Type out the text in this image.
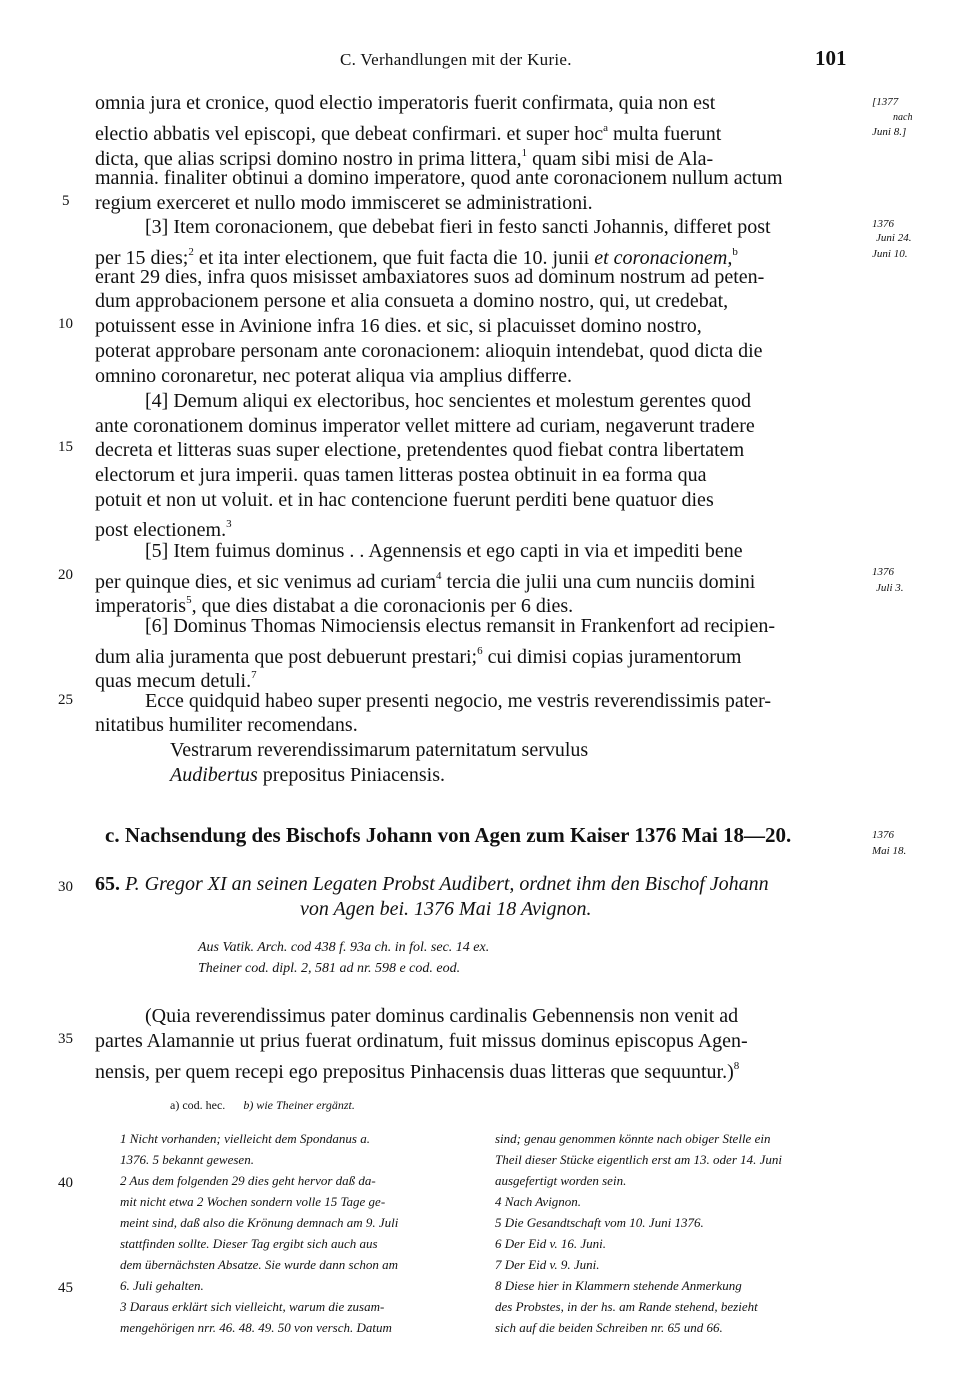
C. Verhandlungen mit der Kurie.	101
[1377
nach
Juni 8.]
1376
Juni 24.
Juni 10.
1376
Juli 3.
1376
Mai 18.
5
10
15
20
25
30
35
40
45
omnia jura et cronice, quod electio imperatoris fuerit confirmata, quia non est
electio abbatis vel episcopi, que debeat confirmari. et super hoc$^a$ multa fuerunt
dicta, que alias scripsi domino nostro in prima littera,$^1$ quam sibi misi de Ala-
mannia. finaliter obtinui a domino imperatore, quod ante coronacionem nullum actum
regium exerceret et nullo modo immisceret se administrationi.
[3] Item coronacionem, que debebat fieri in festo sancti Johannis, differet post
per 15 dies;$^2$ et ita inter electionem, que fuit facta die 10. junii et coronacionem,$^b$
erant 29 dies, infra quos misisset ambaxiatores suos ad dominum nostrum ad peten-
dum approbacionem persone et alia consueta a domino nostro, qui, ut credebat,
potuissent esse in Avinione infra 16 dies. et sic, si placuisset domino nostro,
poterat approbare personam ante coronacionem: alioquin intendebat, quod dicta die
omnino coronaretur, nec poterat aliqua via amplius differre.
[4] Demum aliqui ex electoribus, hoc sencientes et molestum gerentes quod
ante coronationem dominus imperator vellet mittere ad curiam, negaverunt tradere
decreta et litteras suas super electione, pretendentes quod fiebat contra libertatem
electorum et jura imperii. quas tamen litteras postea obtinuit in ea forma qua
potuit et non ut voluit. et in hac contencione fuerunt perditi bene quatuor dies
post electionem.$^3$
[5] Item fuimus dominus . . Agennensis et ego capti in via et impediti bene
per quinque dies, et sic venimus ad curiam$^4$ tercia die julii una cum nunciis domini
imperatoris$^5$, que dies distabat a die coronacionis per 6 dies.
[6] Dominus Thomas Nimociensis electus remansit in Frankenfort ad recipien-
dum alia juramenta que post debuerunt prestari;$^6$ cui dimisi copias juramentorum
quas mecum detuli.$^7$
Ecce quidquid habeo super presenti negocio, me vestris reverendissimis pater-
nitatibus humiliter recomendans.
Vestrarum reverendissimarum paternitatum servulus
Audibertus prepositus Piniacensis.
c. Nachsendung des Bischofs Johann von Agen zum Kaiser 1376 Mai 18—20.
65. P. Gregor XI an seinen Legaten Probst Audibert, ordnet ihm den Bischof Johann
von Agen bei. 1376 Mai 18 Avignon.
Aus Vatik. Arch. cod 438 f. 93a ch. in fol. sec. 14 ex.
Theiner cod. dipl. 2, 581 ad nr. 598 e cod. eod.
(Quia reverendissimus pater dominus cardinalis Gebennensis non venit ad
partes Alamannie ut prius fuerat ordinatum, fuit missus dominus episcopus Agen-
nensis, per quem recepi ego prepositus Pinhacensis duas litteras que sequuntur.)$^8$
a) cod. hec. b) wie Theiner ergänzt.
1 Nicht vorhanden; vielleicht dem Spondanus a.
1376. 5 bekannt gewesen.
2 Aus dem folgenden 29 dies geht hervor daß da-
mit nicht etwa 2 Wochen sondern volle 15 Tage ge-
meint sind, daß also die Krönung demnach am 9. Juli
stattfinden sollte. Dieser Tag ergibt sich auch aus
dem übernächsten Absatze. Sie wurde dann schon am
6. Juli gehalten.
3 Daraus erklärt sich vielleicht, warum die zusam-
mengehörigen nrr. 46. 48. 49. 50 von versch. Datum
sind; genau genommen könnte nach obiger Stelle ein
Theil dieser Stücke eigentlich erst am 13. oder 14. Juni
ausgefertigt worden sein.
4 Nach Avignon.
5 Die Gesandtschaft vom 10. Juni 1376.
6 Der Eid v. 16. Juni.
7 Der Eid v. 9. Juni.
8 Diese hier in Klammern stehende Anmerkung
des Probstes, in der hs. am Rande stehend, bezieht
sich auf die beiden Schreiben nr. 65 und 66.
